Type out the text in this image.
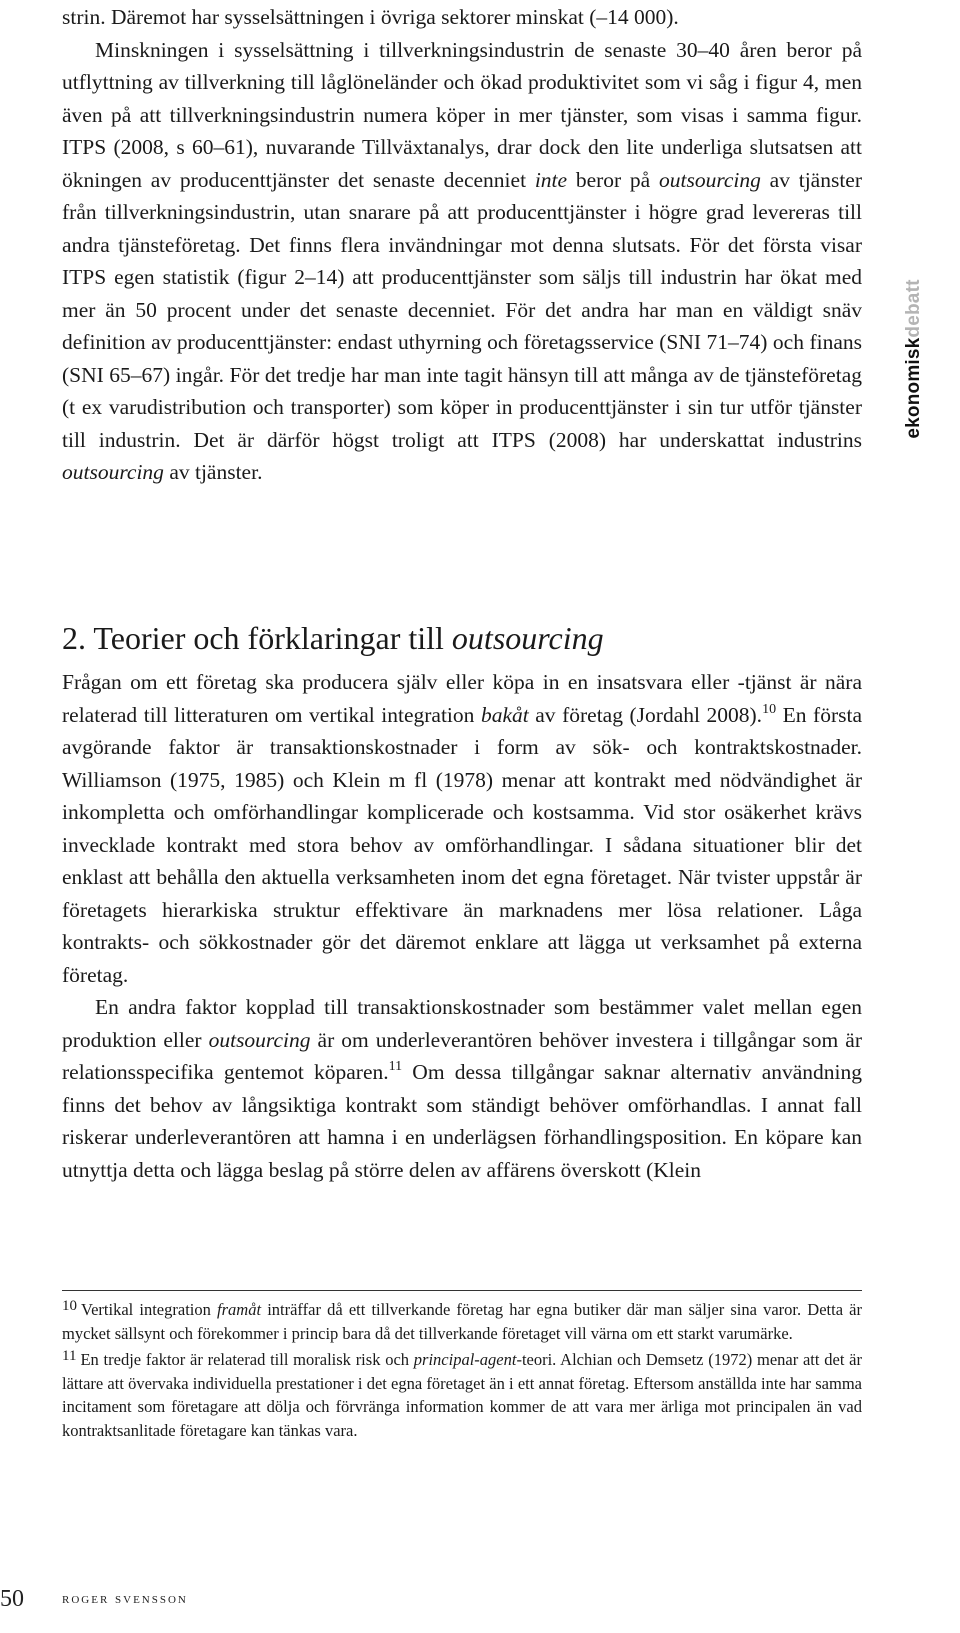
strin. Däremot har sysselsättningen i övriga sektorer minskat (–14 000).

Minskningen i sysselsättning i tillverkningsindustrin de senaste 30–40 åren beror på utflyttning av tillverkning till låglöneländer och ökad produktivitet som vi såg i figur 4, men även på att tillverkningsindustrin numera köper in mer tjänster, som visas i samma figur. ITPS (2008, s 60–61), nuvarande Tillväxtanalys, drar dock den lite underliga slutsatsen att ökningen av producenttjänster det senaste decenniet inte beror på outsourcing av tjänster från tillverkningsindustrin, utan snarare på att producenttjänster i högre grad levereras till andra tjänsteföretag. Det finns flera invändningar mot denna slutsats. För det första visar ITPS egen statistik (figur 2–14) att producenttjänster som säljs till industrin har ökat med mer än 50 procent under det senaste decenniet. För det andra har man en väldigt snäv definition av producenttjänster: endast uthyrning och företagsservice (SNI 71–74) och finans (SNI 65–67) ingår. För det tredje har man inte tagit hänsyn till att många av de tjänsteföretag (t ex varudistribution och transporter) som köper in producenttjänster i sin tur utför tjänster till industrin. Det är därför högst troligt att ITPS (2008) har underskattat industrins outsourcing av tjänster.

2. Teorier och förklaringar till outsourcing

Frågan om ett företag ska producera själv eller köpa in en insatsvara eller -tjänst är nära relaterad till litteraturen om vertikal integration bakåt av företag (Jordahl 2008).$^{10}$ En första avgörande faktor är transaktionskostnader i form av sök- och kontraktskostnader. Williamson (1975, 1985) och Klein m fl (1978) menar att kontrakt med nödvändighet är inkompletta och omförhandlingar komplicerade och kostsamma. Vid stor osäkerhet krävs invecklade kontrakt med stora behov av omförhandlingar. I sådana situationer blir det enklast att behålla den aktuella verksamheten inom det egna företaget. När tvister uppstår är företagets hierarkiska struktur effektivare än marknadens mer lösa relationer. Låga kontrakts- och sökkostnader gör det däremot enklare att lägga ut verksamhet på externa företag.

En andra faktor kopplad till transaktionskostnader som bestämmer valet mellan egen produktion eller outsourcing är om underleverantören behöver investera i tillgångar som är relationsspecifika gentemot köparen.$^{11}$ Om dessa tillgångar saknar alternativ användning finns det behov av långsiktiga kontrakt som ständigt behöver omförhandlas. I annat fall riskerar underleverantören att hamna i en underlägsen förhandlingsposition. En köpare kan utnyttja detta och lägga beslag på större delen av affärens överskott (Klein

10 Vertikal integration framåt inträffar då ett tillverkande företag har egna butiker där man säljer sina varor. Detta är mycket sällsynt och förekommer i princip bara då det tillverkande företaget vill värna om ett starkt varumärke.

11 En tredje faktor är relaterad till moralisk risk och principal-agent-teori. Alchian och Demsetz (1972) menar att det är lättare att övervaka individuella prestationer i det egna företaget än i ett annat företag. Eftersom anställda inte har samma incitament som företagare att dölja och förvränga information kommer de att vara mer ärliga mot principalen än vad kontraktsanlitade företagare kan tänkas vara.

ekonomiskdebatt
50	roger svensson
